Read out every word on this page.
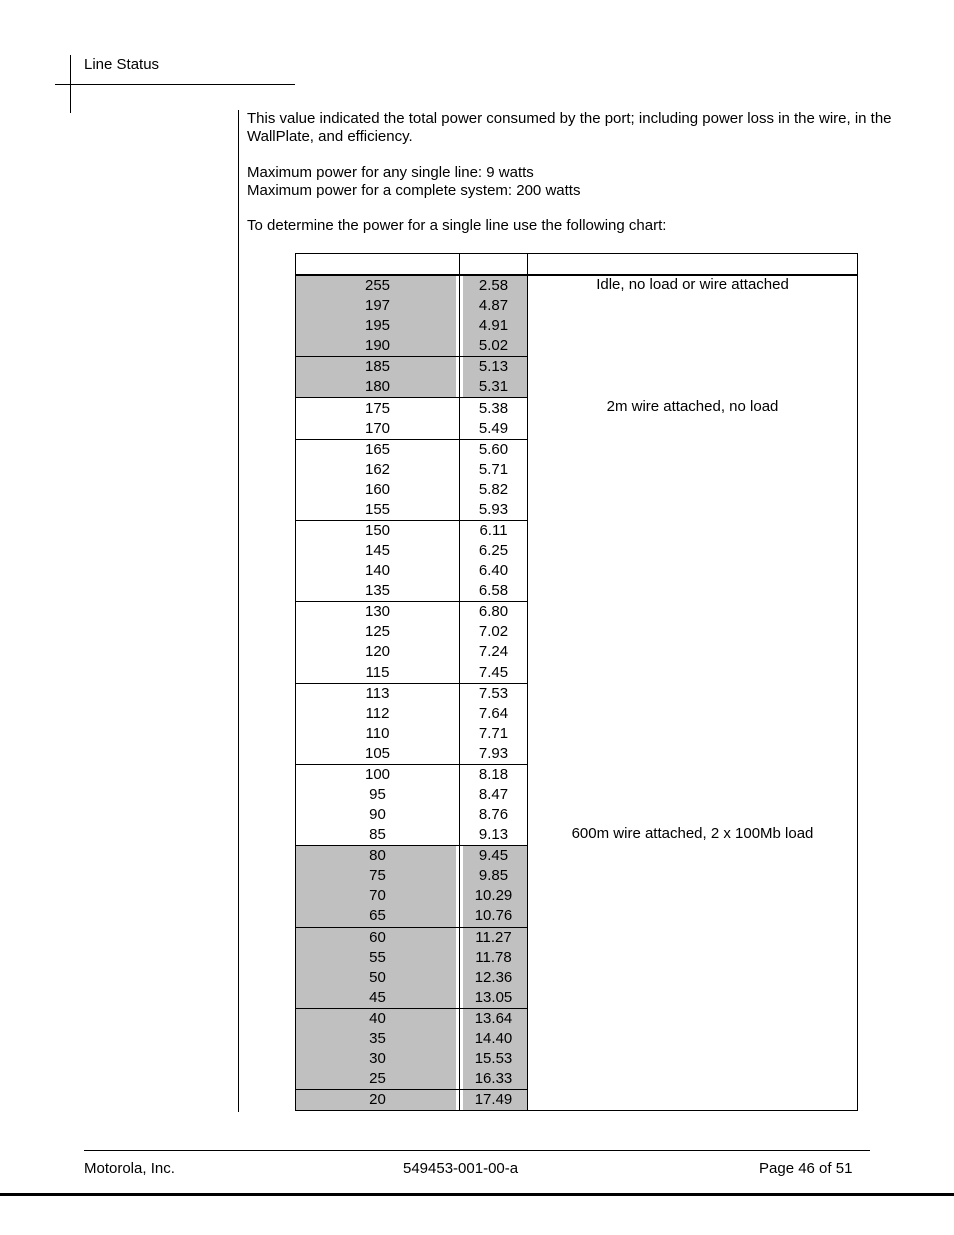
Line Status
This value indicated the total power consumed by the port; including power loss in the wire, in the WallPlate, and efficiency.
Maximum power for any single line: 9 watts
Maximum power for a complete system: 200 watts
To determine the power for a single line use the following chart:

255	2.58	Idle, no load or wire attached
197	4.87	
195	4.91	
190	5.02	
185	5.13	
180	5.31	
175	5.38	2m wire attached, no load
170	5.49	
165	5.60	
162	5.71	
160	5.82	
155	5.93	
150	6.11	
145	6.25	
140	6.40	
135	6.58	
130	6.80	
125	7.02	
120	7.24	
115	7.45	
113	7.53	
112	7.64	
110	7.71	
105	7.93	
100	8.18	
95	8.47	
90	8.76	
85	9.13	600m wire attached, 2 x 100Mb load
80	9.45	
75	9.85	
70	10.29	
65	10.76	
60	11.27	
55	11.78	
50	12.36	
45	13.05	
40	13.64	
35	14.40	
30	15.53	
25	16.33	
20	17.49	
Motorola, Inc.	549453-001-00-a	Page 46 of 51
